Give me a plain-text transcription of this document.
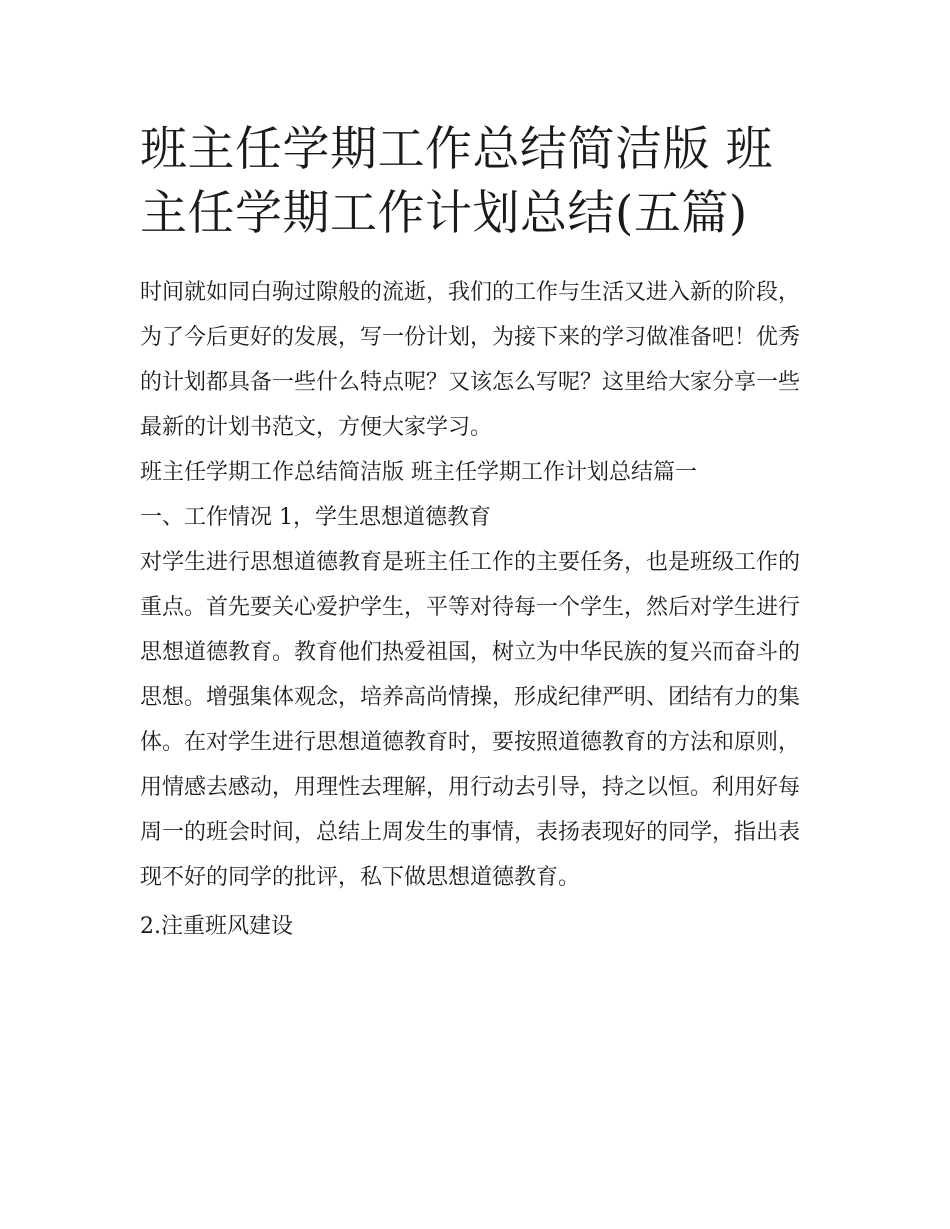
班主任学期工作总结简洁版 班主任学期工作计划总结(五篇)

时间就如同白驹过隙般的流逝，我们的工作与生活又进入新的阶段，为了今后更好的发展，写一份计划，为接下来的学习做准备吧！优秀的计划都具备一些什么特点呢？又该怎么写呢？这里给大家分享一些最新的计划书范文，方便大家学习。

班主任学期工作总结简洁版 班主任学期工作计划总结篇一

一、工作情况 1，学生思想道德教育

对学生进行思想道德教育是班主任工作的主要任务，也是班级工作的重点。首先要关心爱护学生，平等对待每一个学生，然后对学生进行思想道德教育。教育他们热爱祖国，树立为中华民族的复兴而奋斗的思想。增强集体观念，培养高尚情操，形成纪律严明、团结有力的集体。在对学生进行思想道德教育时，要按照道德教育的方法和原则，用情感去感动，用理性去理解，用行动去引导，持之以恒。利用好每周一的班会时间，总结上周发生的事情，表扬表现好的同学，指出表现不好的同学的批评，私下做思想道德教育。

2.注重班风建设
